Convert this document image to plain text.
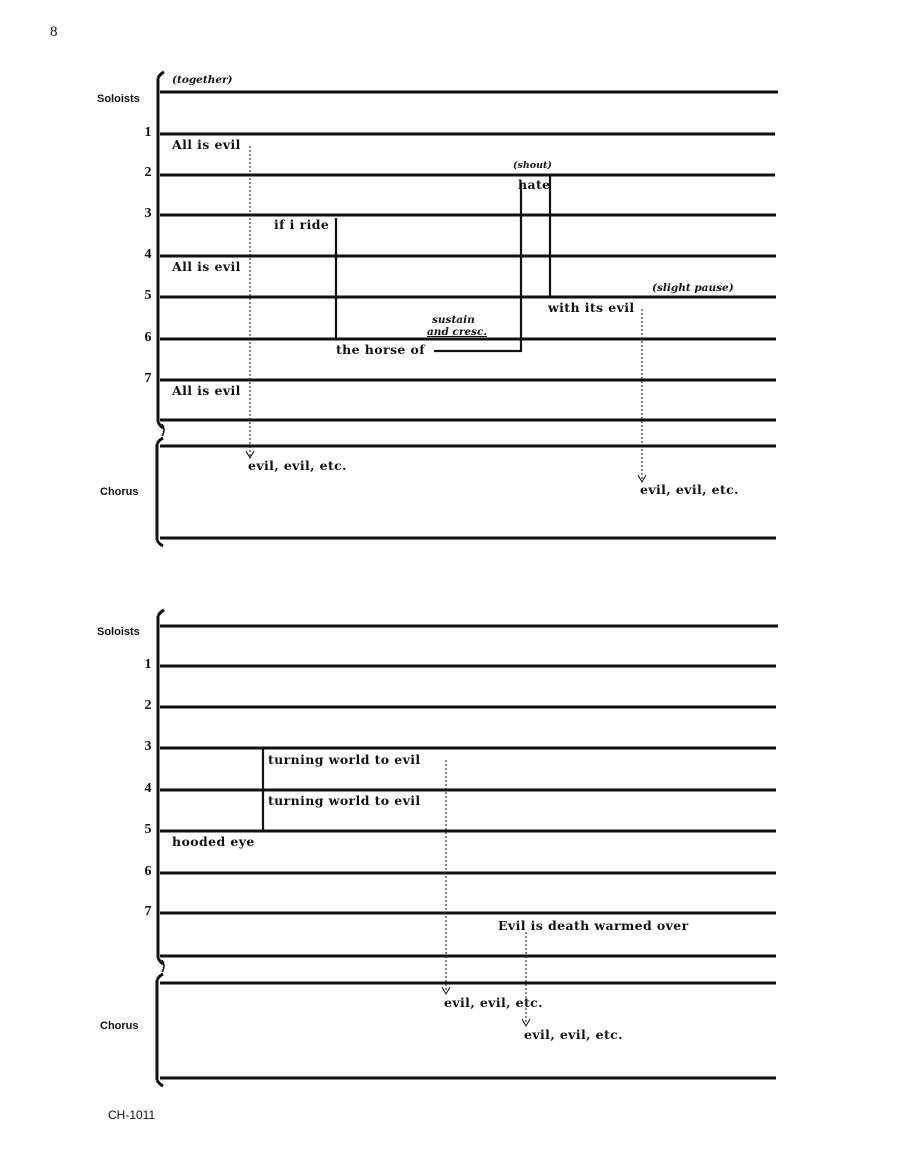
8
Soloists
1
2
3
4
5
6
7
Chorus
(together)
All is evil
All is evil
All is evil
if i ride
the horse of
sustain
and cresc.
(shout)
hate
with its evil
(slight pause)
evil, evil, etc.
evil, evil, etc.
Soloists
1
2
3
4
5
6
7
Chorus
turning world to evil
turning world to evil
hooded eye
Evil is death warmed over
evil, evil, etc.
evil, evil, etc.
CH-1011
